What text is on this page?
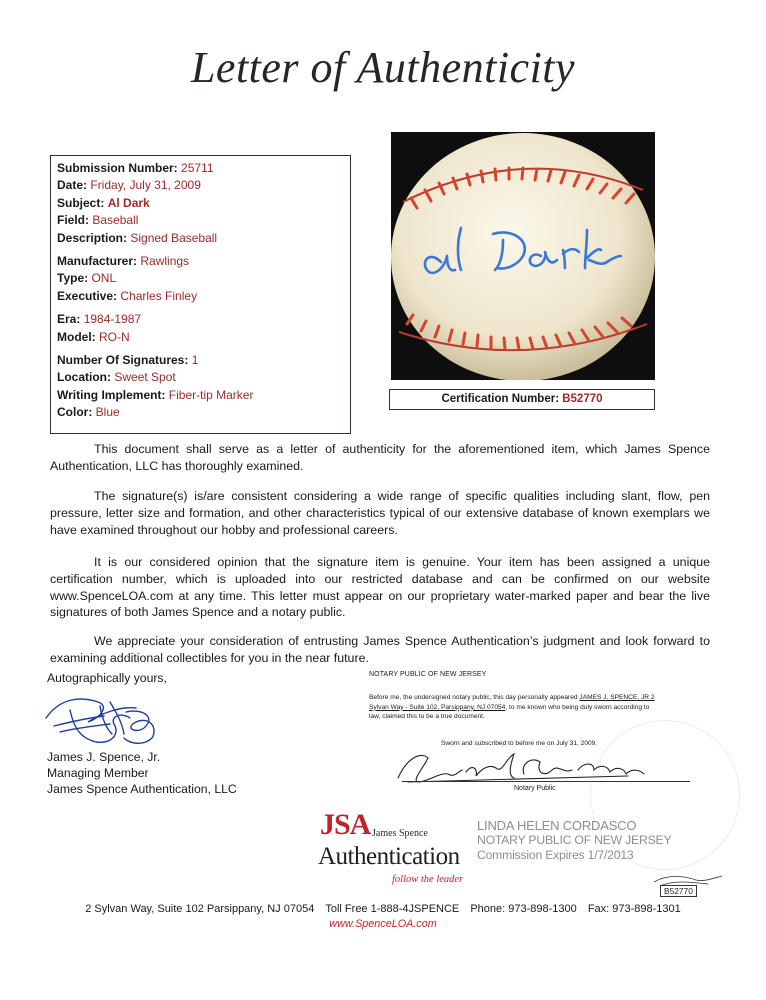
Letter of Authenticity
Submission Number: 25711
Date: Friday, July 31, 2009
Subject: Al Dark
Field: Baseball
Description: Signed Baseball
Manufacturer: Rawlings
Type: ONL
Executive: Charles Finley
Era: 1984-1987
Model: RO-N
Number Of Signatures: 1
Location: Sweet Spot
Writing Implement: Fiber-tip Marker
Color: Blue
Certification Number: B52770
This document shall serve as a letter of authenticity for the aforementioned item, which James Spence Authentication, LLC has thoroughly examined.
The signature(s) is/are consistent considering a wide range of specific qualities including slant, flow, pen pressure, letter size and formation, and other characteristics typical of our extensive database of known exemplars we have examined throughout our hobby and professional careers.
It is our considered opinion that the signature item is genuine. Your item has been assigned a unique certification number, which is uploaded into our restricted database and can be confirmed on our website www.SpenceLOA.com at any time. This letter must appear on our proprietary water-marked paper and bear the live signatures of both James Spence and a notary public.
We appreciate your consideration of entrusting James Spence Authentication’s judgment and look forward to examining additional collectibles for you in the near future.
Autographically yours,
James J. Spence, Jr.
Managing Member
James Spence Authentication, LLC
NOTARY PUBLIC OF NEW JERSEY
Before me, the undersigned notary public, this day personally appeared JAMES J. SPENCE, JR 2 Sylvan Way - Suite 102, Parsippany, NJ 07054, to me known who being duly sworn according to law, claimed this to be a true document.
Sworn and subscribed to before me on July 31, 2009.
Notary Public
JSA James Spence
Authentication
follow the leader
LINDA HELEN CORDASCO
NOTARY PUBLIC OF NEW JERSEY
Commission Expires 1/7/2013
B52770
2 Sylvan Way, Suite 102 Parsippany, NJ 07054 Toll Free 1-888-4JSPENCE Phone: 973-898-1300 Fax: 973-898-1301
www.SpenceLOA.com
